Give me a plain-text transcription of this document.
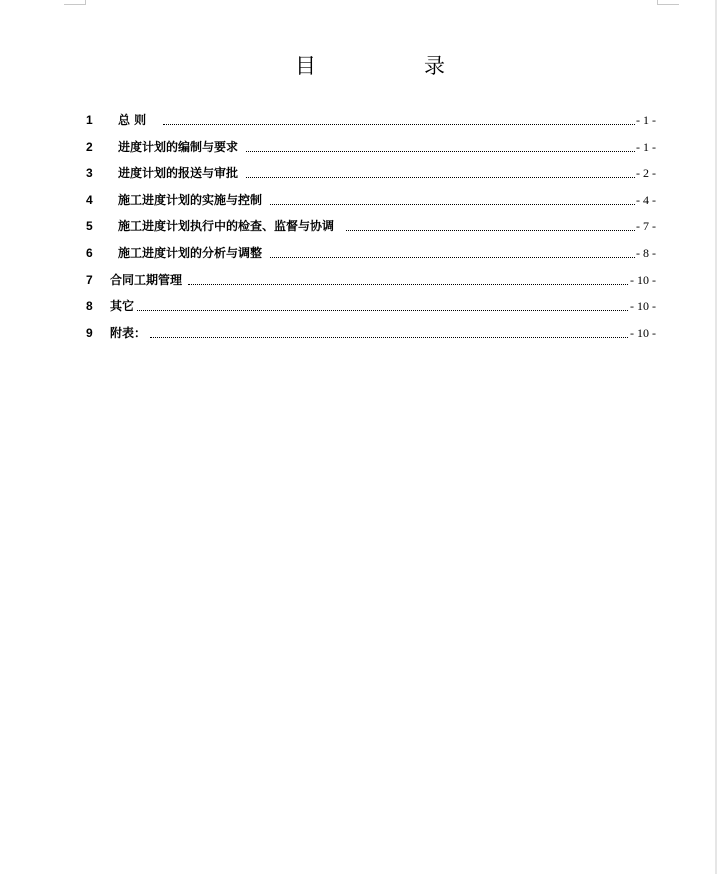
目	录
1 总 则	- 1 -
2 进度计划的编制与要求	- 1 -
3 进度计划的报送与审批	- 2 -
4 施工进度计划的实施与控制	- 4 -
5 施工进度计划执行中的检查、监督与协调	- 7 -
6 施工进度计划的分析与调整	- 8 -
7 合同工期管理	- 10 -
8 其它	- 10 -
9 附表：	- 10 -
